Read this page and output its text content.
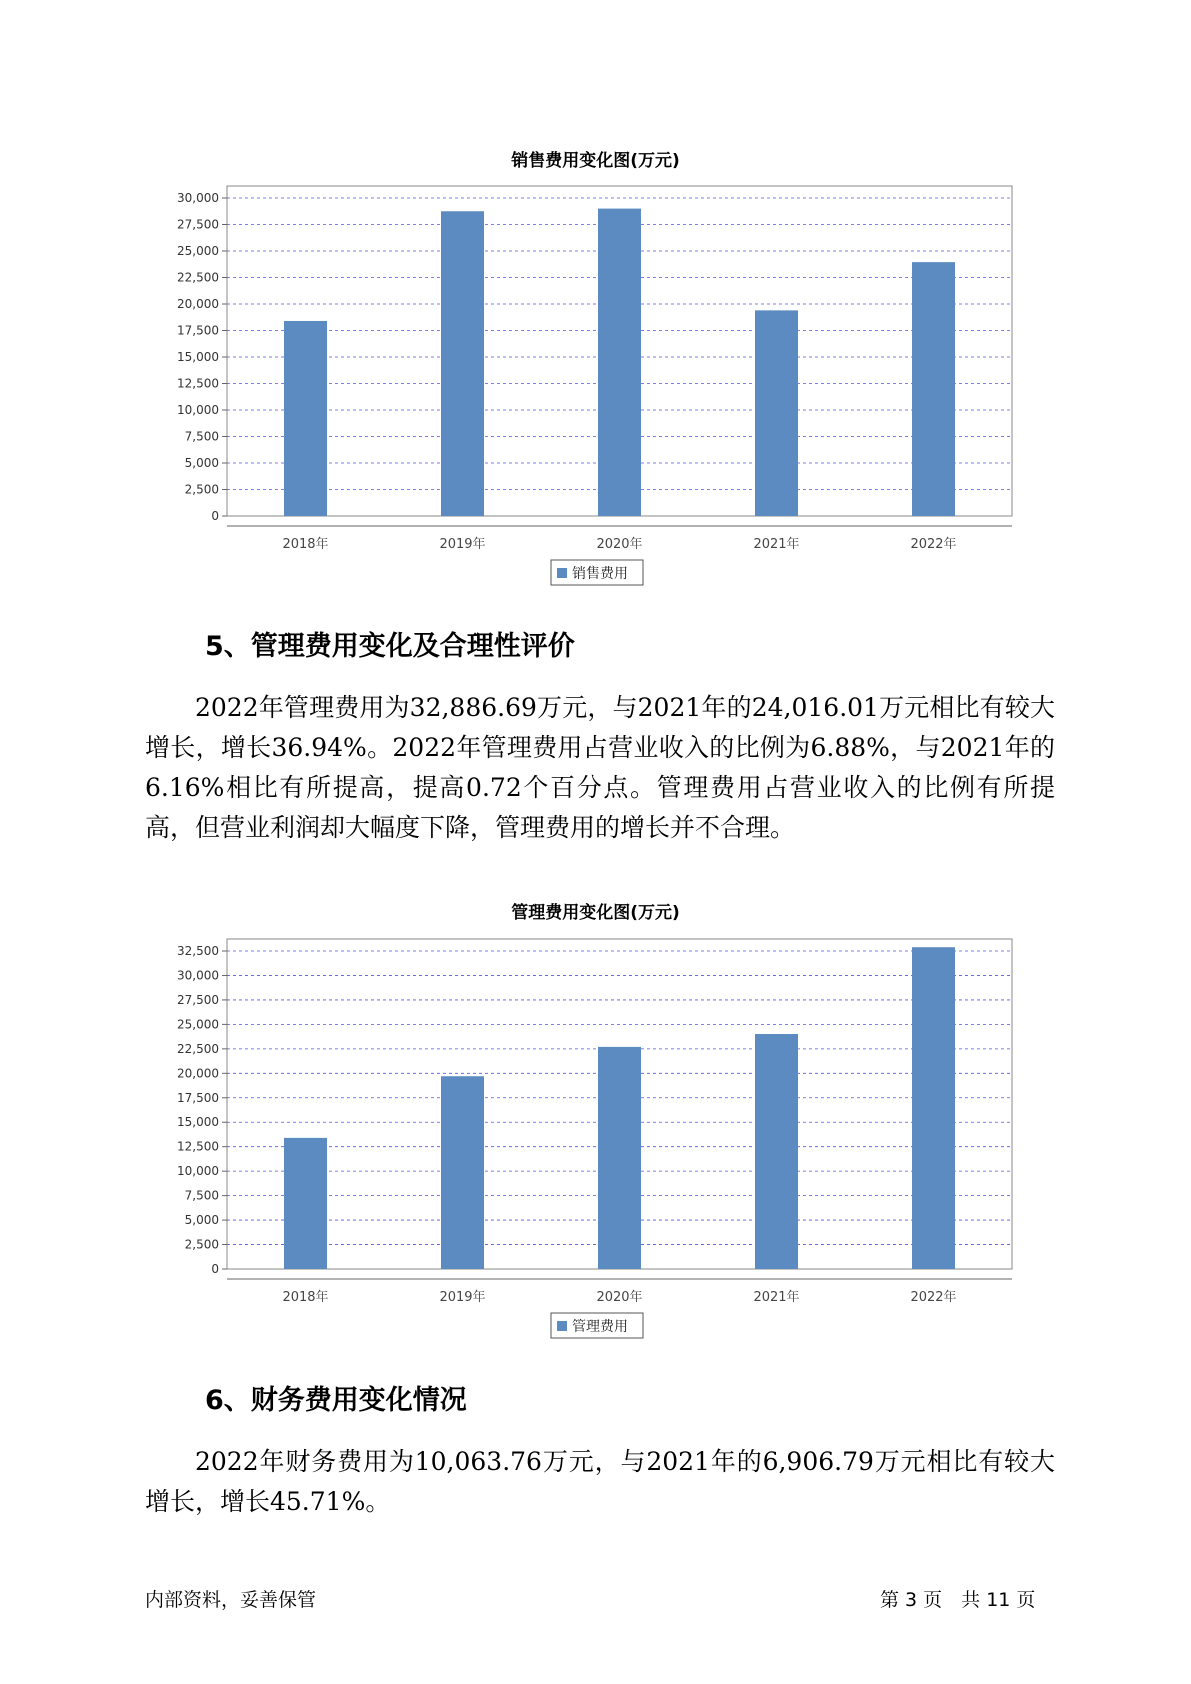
销售费用变化图(万元)
0
2,500
5,000
7,500
10,000
12,500
15,000
17,500
20,000
22,500
25,000
27,500
30,000
2018年	2019年	2020年	2021年	2022年
销售费用
5、管理费用变化及合理性评价
2022年管理费用为32,886.69万元，与2021年的24,016.01万元相比有较大增长，增长36.94%。2022年管理费用占营业收入的比例为6.88%，与2021年的6.16%相比有所提高，提高0.72个百分点。管理费用占营业收入的比例有所提高，但营业利润却大幅度下降，管理费用的增长并不合理。
管理费用变化图(万元)
0
2,500
5,000
7,500
10,000
12,500
15,000
17,500
20,000
22,500
25,000
27,500
30,000
32,500
2018年	2019年	2020年	2021年	2022年
管理费用
6、财务费用变化情况
2022年财务费用为10,063.76万元，与2021年的6,906.79万元相比有较大增长，增长45.71%。
内部资料，妥善保管	第 3 页　共 11 页
